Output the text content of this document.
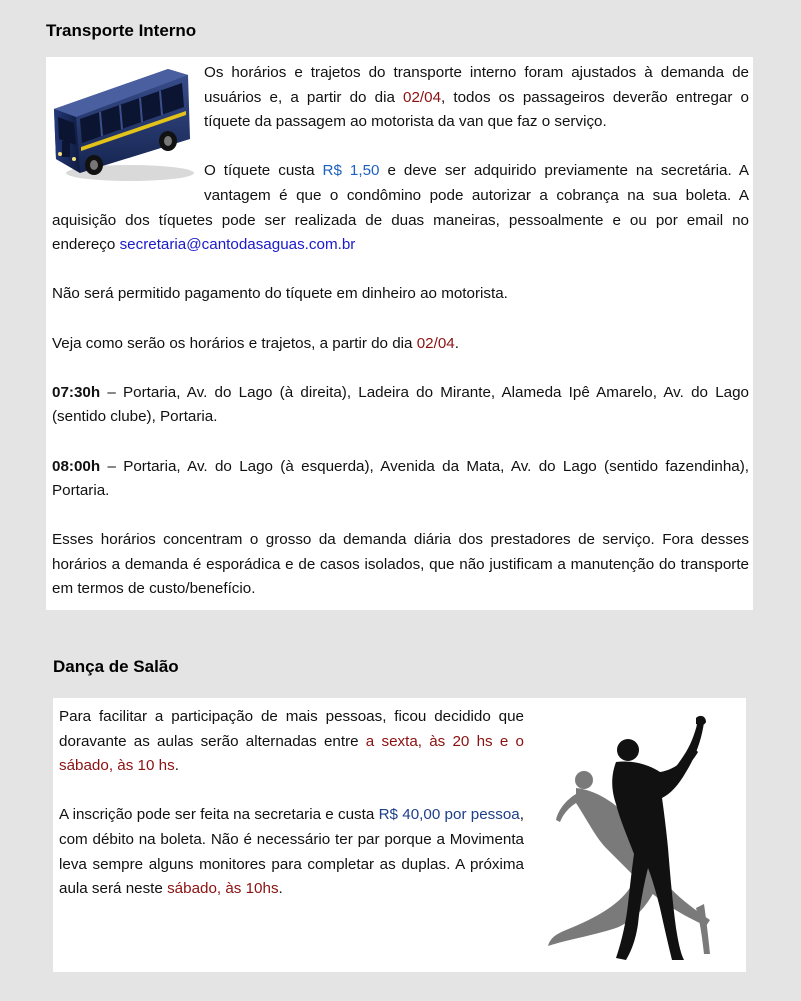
Transporte Interno

Os horários e trajetos do transporte interno foram ajustados à demanda de usuários e, a partir do dia 02/04, todos os passageiros deverão entregar o tíquete da passagem ao motorista da van que faz o serviço.

O tíquete custa R$ 1,50 e deve ser adquirido previamente na secretária. A vantagem é que o condômino pode autorizar a cobrança na sua boleta. A aquisição dos tíquetes pode ser realizada de duas maneiras, pessoalmente e ou por email no endereço secretaria@cantodasaguas.com.br

Não será permitido pagamento do tíquete em dinheiro ao motorista.

Veja como serão os horários e trajetos, a partir do dia 02/04.

07:30h – Portaria, Av. do Lago (à direita), Ladeira do Mirante, Alameda Ipê Amarelo, Av. do Lago (sentido clube), Portaria.

08:00h – Portaria, Av. do Lago (à esquerda), Avenida da Mata, Av. do Lago (sentido fazendinha), Portaria.

Esses horários concentram o grosso da demanda diária dos prestadores de serviço. Fora desses horários a demanda é esporádica e de casos isolados, que não justificam a manutenção do transporte em termos de custo/benefício.

Dança de Salão

Para facilitar a participação de mais pessoas, ficou decidido que doravante as aulas serão alternadas entre a sexta, às 20 hs e o sábado, às 10 hs.

A inscrição pode ser feita na secretaria e custa R$ 40,00 por pessoa, com débito na boleta. Não é necessário ter par porque a Movimenta leva sempre alguns monitores para completar as duplas. A próxima aula será neste sábado, às 10hs.
